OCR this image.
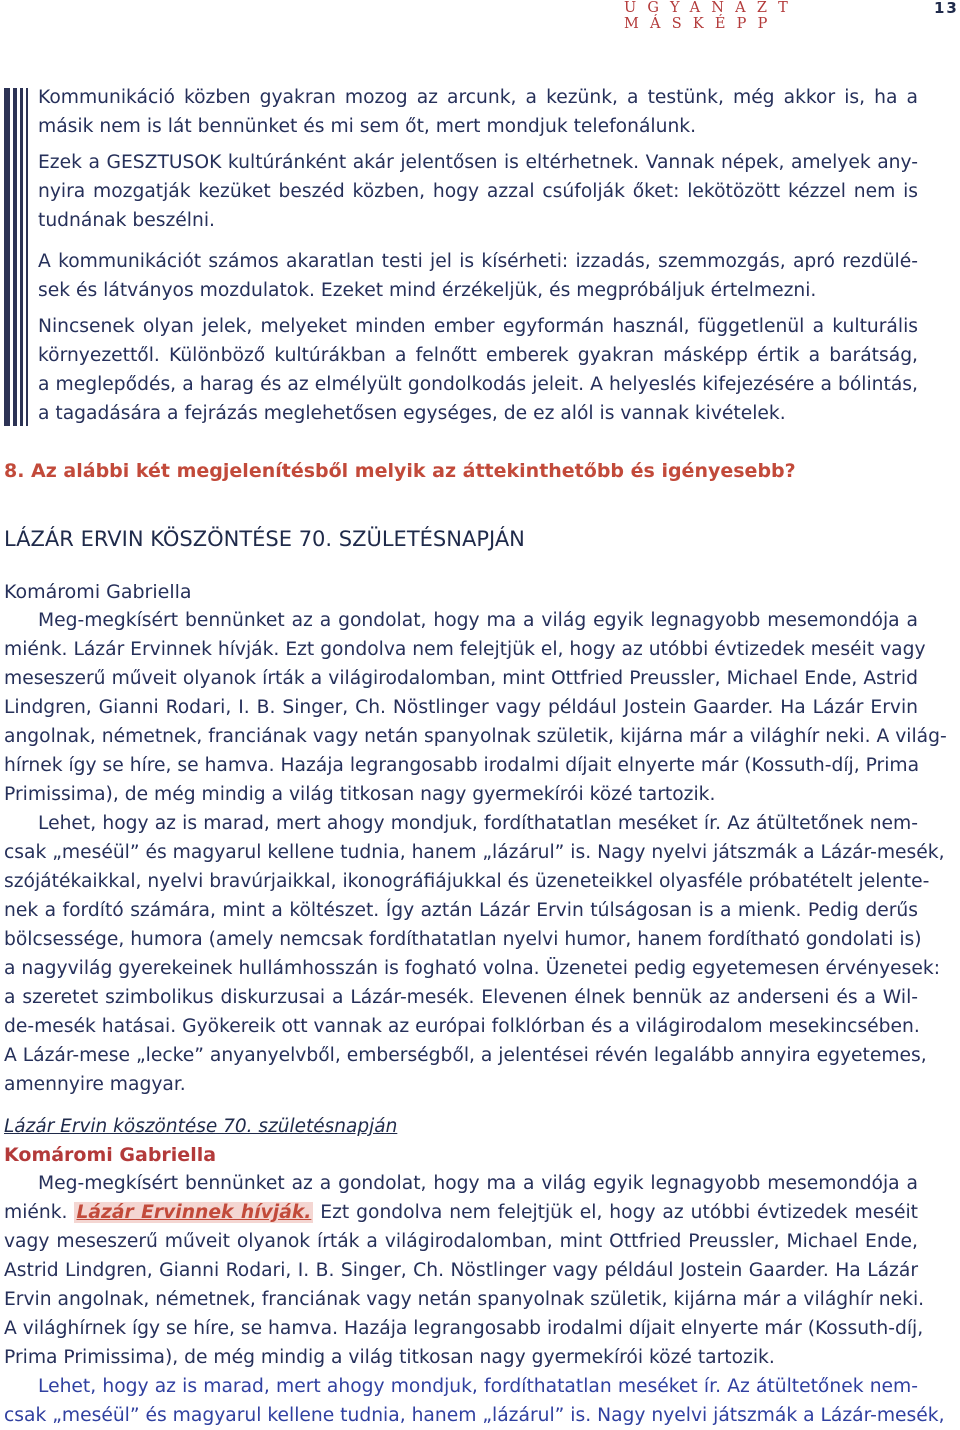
UGYANAZT MÁSKÉPP
13
Kommunikáció közben gyakran mozog az arcunk, a kezünk, a testünk, még akkor is, ha a
másik nem is lát bennünket és mi sem őt, mert mondjuk telefonálunk.
Ezek a GESZTUSOK kultúránként akár jelentősen is eltérhetnek. Vannak népek, amelyek any-
nyira mozgatják kezüket beszéd közben, hogy azzal csúfolják őket: lekötözött kézzel nem is
tudnának beszélni.
A kommunikációt számos akaratlan testi jel is kísérheti: izzadás, szemmozgás, apró rezdülé-
sek és látványos mozdulatok. Ezeket mind érzékeljük, és megpróbáljuk értelmezni.
Nincsenek olyan jelek, melyeket minden ember egyformán használ, függetlenül a kulturális
környezettől. Különböző kultúrákban a felnőtt emberek gyakran másképp értik a barátság,
a meglepődés, a harag és az elmélyült gondolkodás jeleit. A helyeslés kifejezésére a bólintás,
a tagadására a fejrázás meglehetősen egységes, de ez alól is vannak kivételek.
8. Az alábbi két megjelenítésből melyik az áttekinthetőbb és igényesebb?
LÁZÁR ERVIN KÖSZÖNTÉSE 70. SZÜLETÉSNAPJÁN
Komáromi Gabriella
Meg-megkísért bennünket az a gondolat, hogy ma a világ egyik legnagyobb mesemondója a
miénk. Lázár Ervinnek hívják. Ezt gondolva nem felejtjük el, hogy az utóbbi évtizedek meséit vagy
meseszerű műveit olyanok írták a világirodalomban, mint Ottfried Preussler, Michael Ende, Astrid
Lindgren, Gianni Rodari, I. B. Singer, Ch. Nöstlinger vagy például Jostein Gaarder. Ha Lázár Ervin
angolnak, németnek, franciának vagy netán spanyolnak születik, kijárna már a világhír neki. A világ-
hírnek így se híre, se hamva. Hazája legrangosabb irodalmi díjait elnyerte már (Kossuth-díj, Prima
Primissima), de még mindig a világ titkosan nagy gyermekírói közé tartozik.
Lehet, hogy az is marad, mert ahogy mondjuk, fordíthatatlan meséket ír. Az átültetőnek nem-
csak „meséül” és magyarul kellene tudnia, hanem „lázárul” is. Nagy nyelvi játszmák a Lázár-mesék,
szójátékaikkal, nyelvi bravúrjaikkal, ikonográfiájukkal és üzeneteikkel olyasféle próbatételt jelente-
nek a fordító számára, mint a költészet. Így aztán Lázár Ervin túlságosan is a mienk. Pedig derűs
bölcsessége, humora (amely nemcsak fordíthatatlan nyelvi humor, hanem fordítható gondolati is)
a nagyvilág gyerekeinek hullámhosszán is fogható volna. Üzenetei pedig egyetemesen érvényesek:
a szeretet szimbolikus diskurzusai a Lázár-mesék. Elevenen élnek bennük az anderseni és a Wil-
de-mesék hatásai. Gyökereik ott vannak az európai folklórban és a világirodalom mesekincsében.
A Lázár-mese „lecke” anyanyelvből, emberségből, a jelentései révén legalább annyira egyetemes,
amennyire magyar.
Lázár Ervin köszöntése 70. születésnapján
Komáromi Gabriella
Meg-megkísért bennünket az a gondolat, hogy ma a világ egyik legnagyobb mesemondója a
miénk. Lázár Ervinnek hívják. Ezt gondolva nem felejtjük el, hogy az utóbbi évtizedek meséit
vagy meseszerű műveit olyanok írták a világirodalomban, mint Ottfried Preussler, Michael Ende,
Astrid Lindgren, Gianni Rodari, I. B. Singer, Ch. Nöstlinger vagy például Jostein Gaarder. Ha Lázár
Ervin angolnak, németnek, franciának vagy netán spanyolnak születik, kijárna már a világhír neki.
A világhírnek így se híre, se hamva. Hazája legrangosabb irodalmi díjait elnyerte már (Kossuth-díj,
Prima Primissima), de még mindig a világ titkosan nagy gyermekírói közé tartozik.
Lehet, hogy az is marad, mert ahogy mondjuk, fordíthatatlan meséket ír. Az átültetőnek nem-
csak „meséül” és magyarul kellene tudnia, hanem „lázárul” is. Nagy nyelvi játszmák a Lázár-mesék,
